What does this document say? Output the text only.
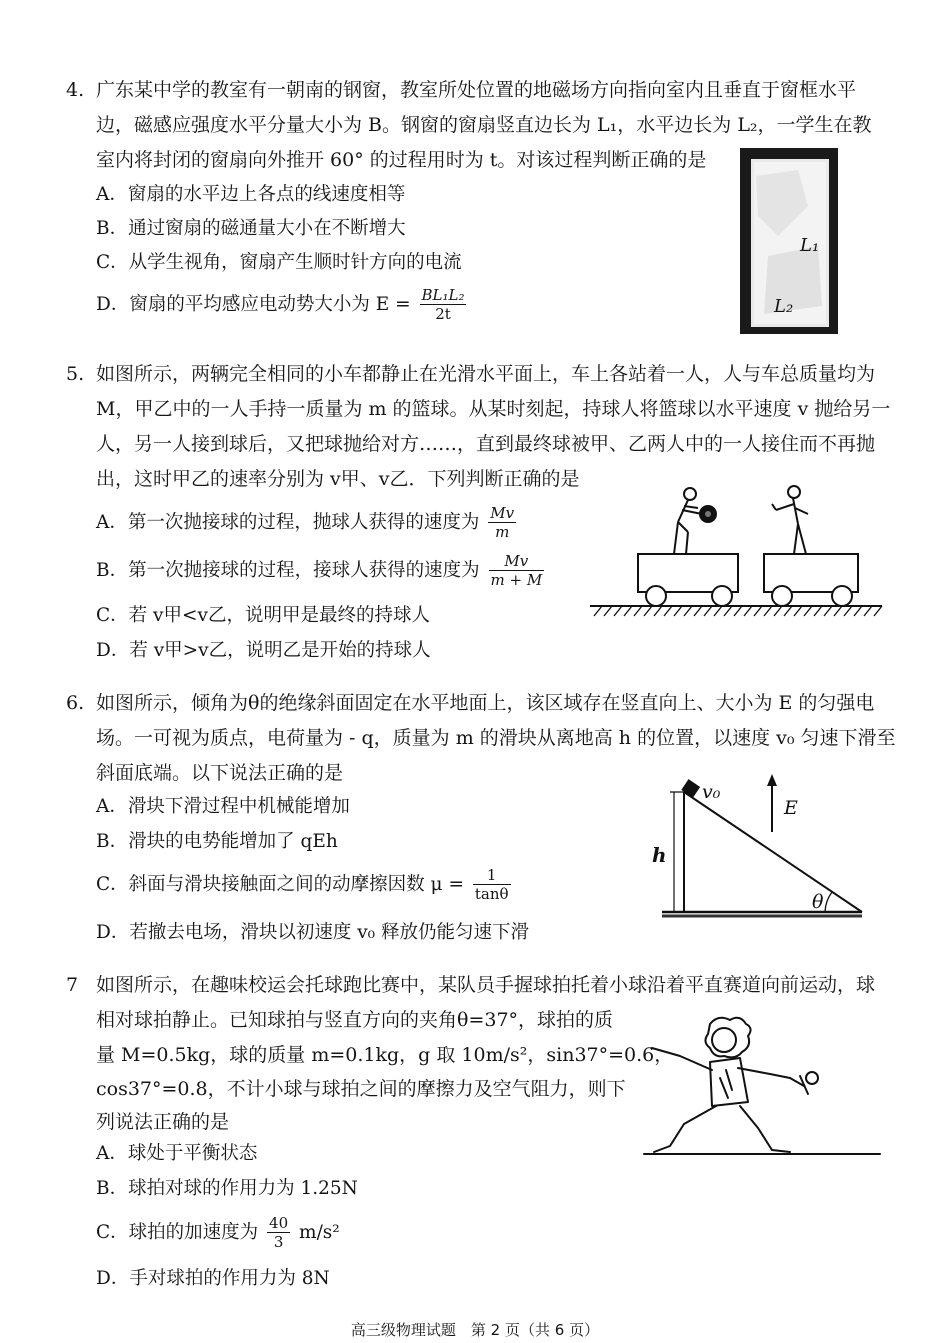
4. 广东某中学的教室有一朝南的钢窗，教室所处位置的地磁场方向指向室内且垂直于窗框水平
边，磁感应强度水平分量大小为 B。钢窗的窗扇竖直边长为 L₁，水平边长为 L₂，一学生在教
室内将封闭的窗扇向外推开 60° 的过程用时为 t。对该过程判断正确的是
A．窗扇的水平边上各点的线速度相等
B．通过窗扇的磁通量大小在不断增大
C．从学生视角，窗扇产生顺时针方向的电流
D．窗扇的平均感应电动势大小为 $E = \frac{\text{BL₁L₂}}{2t}$
L₁
L₂
5. 如图所示，两辆完全相同的小车都静止在光滑水平面上，车上各站着一人，人与车总质量均为
M，甲乙中的一人手持一质量为 m 的篮球。从某时刻起，持球人将篮球以水平速度 v 抛给另一
人，另一人接到球后，又把球抛给对方……，直到最终球被甲、乙两人中的一人接住而不再抛
出，这时甲乙的速率分别为 v甲、v乙．下列判断正确的是
A．第一次抛接球的过程，抛球人获得的速度为 $\frac{Mv}{m}$
B．第一次抛接球的过程，接球人获得的速度为 $\frac{Mv}{m + M}$
C．若 v甲<v乙，说明甲是最终的持球人
D．若 v甲>v乙，说明乙是开始的持球人
6. 如图所示，倾角为θ的绝缘斜面固定在水平地面上，该区域存在竖直向上、大小为 E 的匀强电
场。一可视为质点，电荷量为 - q，质量为 m 的滑块从离地高 h 的位置，以速度 v₀ 匀速下滑至
斜面底端。以下说法正确的是
A．滑块下滑过程中机械能增加
B．滑块的电势能增加了 qEh
C．斜面与滑块接触面之间的动摩擦因数 $\mu = \frac{1}{\tan\theta}$
D．若撤去电场，滑块以初速度 v₀ 释放仍能匀速下滑
v₀
E
h
θ
7 如图所示，在趣味校运会托球跑比赛中，某队员手握球拍托着小球沿着平直赛道向前运动，球
相对球拍静止。已知球拍与竖直方向的夹角θ=37°，球拍的质
量 M=0.5kg，球的质量 m=0.1kg，g 取 10m/s²，sin37°=0.6，
cos37°=0.8，不计小球与球拍之间的摩擦力及空气阻力，则下
列说法正确的是
A．球处于平衡状态
B．球拍对球的作用力为 1.25N
C．球拍的加速度为 $\frac{40}{3} m/s^2$
D．手对球拍的作用力为 8N
高三级物理试题　第 2 页（共 6 页）
